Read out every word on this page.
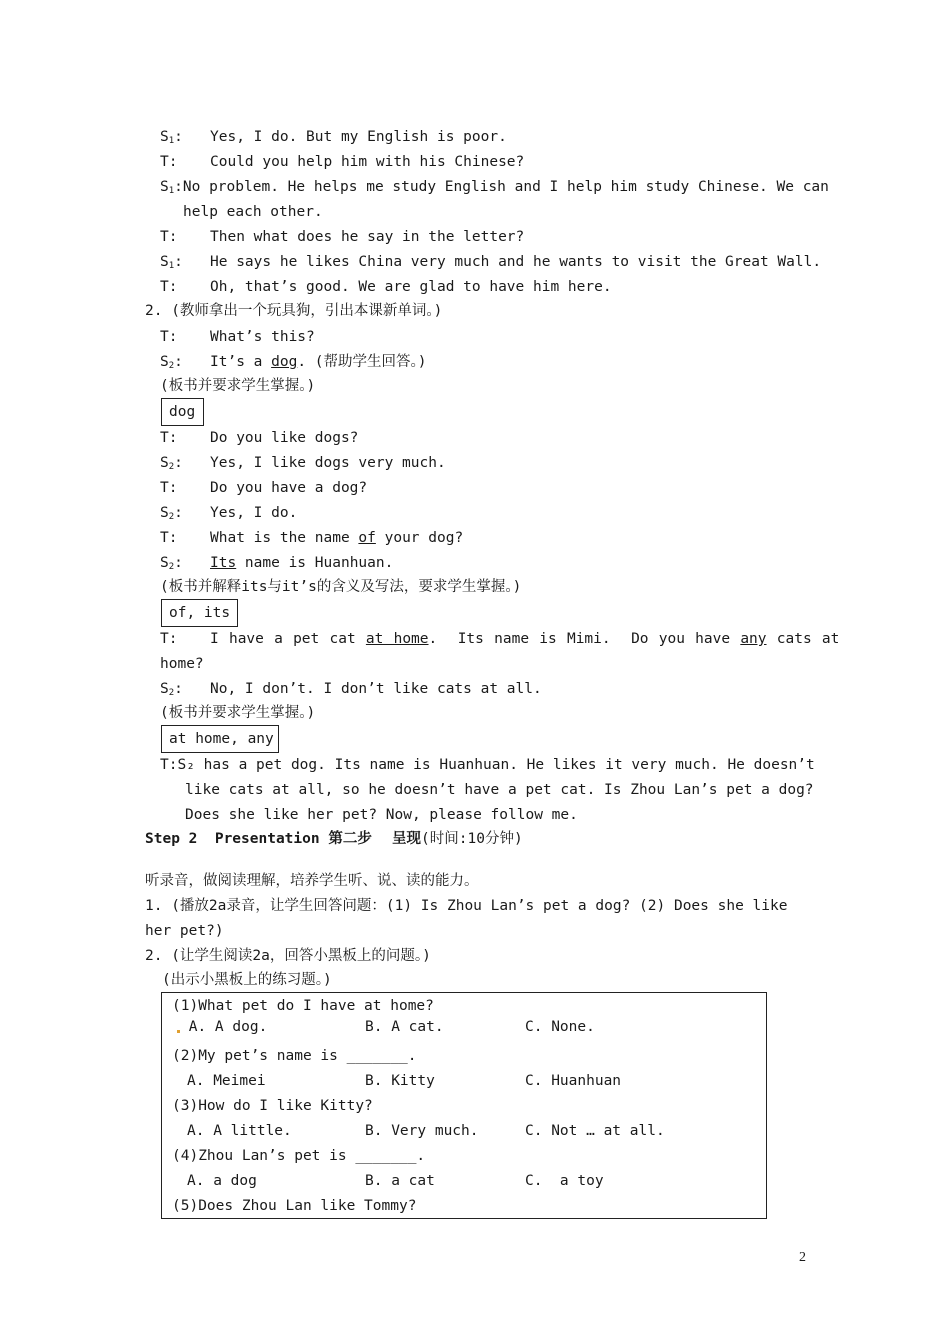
$S_1$: Yes, I do. But my English is poor.
T: Could you help him with his Chinese?
$S_1:No$ problem. He helps me study English and I help him study Chinese. We can
help each other.
T: Then what does he say in the letter?
$S_1$: He says he likes China very much and he wants to visit the Great Wall.
T: Oh, that’s good. We are glad to have him here.
2. (教师拿出一个玩具狗，引出本课新单词。)
T: What’s this?
$S_2$: It’s a dog. (帮助学生回答。)
(板书并要求学生掌握。)
dog
T: Do you like dogs?
$S_2$: Yes, I like dogs very much.
T: Do you have a dog?
$S_2$: Yes, I do.
T: What is the name of your dog?
$S_2$: Its name is Huanhuan.
(板书并解释its与it’s的含义及写法，要求学生掌握。)
of, its
T: I have a pet cat at home.  Its name is Mimi.  Do you have any cats at
home?
$S_2$: No, I don’t. I don’t like cats at all.
(板书并要求学生掌握。)
at home, any
T:S₂ has a pet dog. Its name is Huanhuan. He likes it very much. He doesn’t
like cats at all, so he doesn’t have a pet cat. Is Zhou Lan’s pet a dog?
Does she like her pet? Now, please follow me.
Step 2  Presentation 第二步    呈现(时间:10分钟)
听录音，做阅读理解，培养学生听、说、读的能力。
1. (播放2a录音，让学生回答问题：(1) Is Zhou Lan’s pet a dog? (2) Does she like
her pet?)
2. (让学生阅读2a，回答小黑板上的问题。)
(出示小黑板上的练习题。)
(1)What pet do I have at home?
A. A dog.	B. A cat.	C. None.
(2)My pet’s name is _______.
A. Meimei	B. Kitty	C. Huanhuan
(3)How do I like Kitty?
A. A little.	B. Very much.	C. Not … at all.
(4)Zhou Lan’s pet is _______.
A. a dog	B. a cat	C.  a toy
(5)Does Zhou Lan like Tommy?
2
